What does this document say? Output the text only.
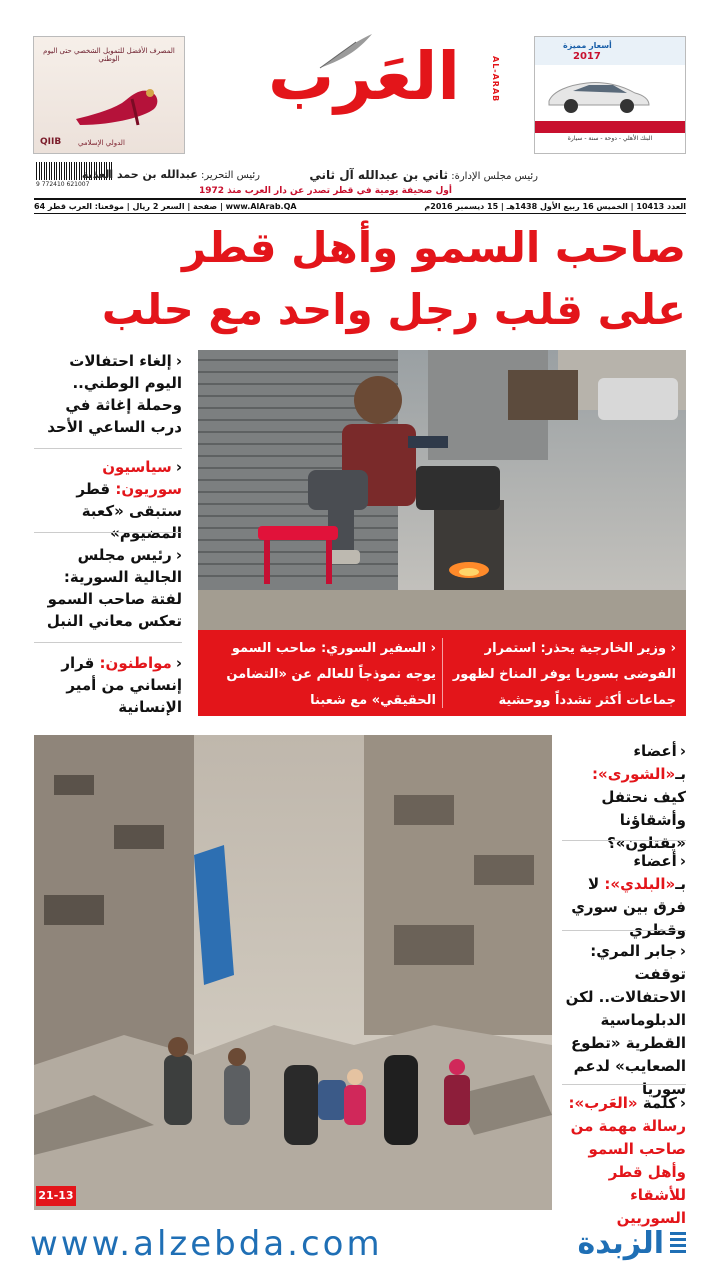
المصرف الأفضل للتمويل الشخصي حتى اليوم الوطني
QIIB الدولي الإسلامي
العَرب	AL-ARAB
أسعار مميزة
2017
البنك الأهلي - دوحة - سنة - سيارة
9 772410 621007
رئيس مجلس الإدارة: ثاني بن عبدالله آل ثاني
رئيس التحرير: عبدالله بن حمد العذبة
أول صحيفة يومية في قطر تصدر عن دار العرب منذ 1972
العدد 10413 | الخميس 16 ربيع الأول 1438هـ | 15 ديسمبر 2016م
64 صفحة | السعر 2 ريال | موقعنا: العرب قطر | www.AlArab.QA
صاحب السمو وأهل قطر
على قلب رجل واحد مع حلب
‹إلغاء احتفالات اليوم الوطني.. وحملة إغاثة في درب الساعي الأحد
‹سياسيون سوريون: قطر ستبقى «كعبة المضيوم»
‹رئيس مجلس الجالية السورية: لفتة صاحب السمو تعكس معاني النبل
‹مواطنون: قرار إنساني من أمير الإنسانية
‹ وزير الخارجية يحذر: استمرار الفوضى بسوريا يوفر المناخ لظهور جماعات أكثر تشدداً ووحشية
‹ السفير السوري: صاحب السمو يوجه نموذجاً للعالم عن «التضامن الحقيقي» مع شعبنا
21-13
‹أعضاء بـ«الشورى»: كيف نحتفل وأشقاؤنا «يقتلون»؟
‹أعضاء بـ«البلدي»: لا فرق بين سوري وقطري
‹جابر المري: توقفت الاحتفالات.. لكن الدبلوماسية القطرية «تطوع الصعايب» لدعم سوريا
‹كلمة «العَرب»: رسالة مهمة من صاحب السمو وأهل قطر للأشقاء السوريين
www.alzebda.com	الزبدة
